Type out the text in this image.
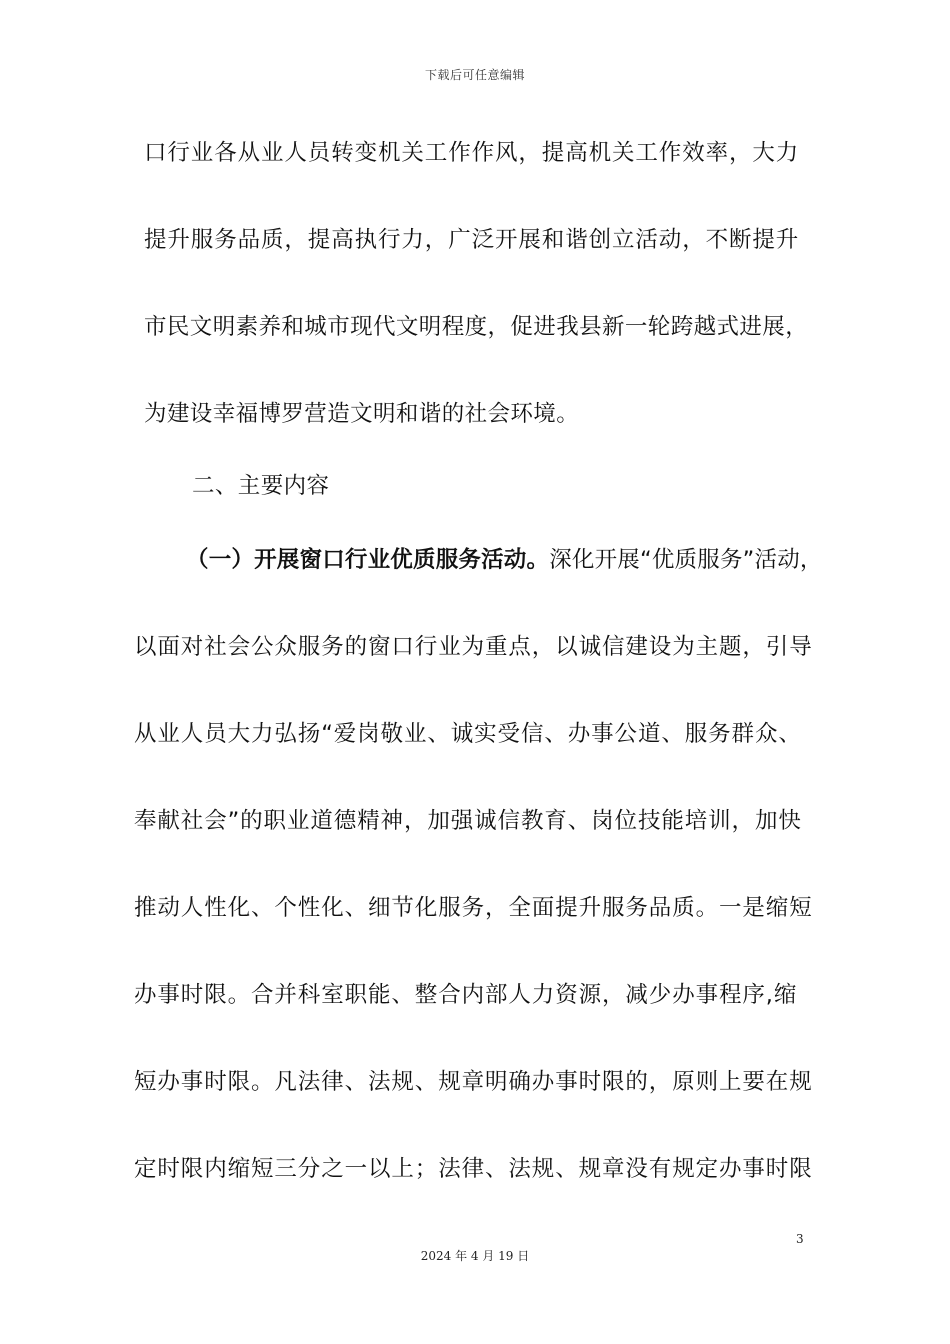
下载后可任意编辑
口行业各从业人员转变机关工作作风，提高机关工作效率，大力
提升服务品质，提高执行力，广泛开展和谐创立活动，不断提升
市民文明素养和城市现代文明程度，促进我县新一轮跨越式进展，
为建设幸福博罗营造文明和谐的社会环境。
二、主要内容
（一）开展窗口行业优质服务活动。深化开展“优质服务”活动，
以面对社会公众服务的窗口行业为重点，以诚信建设为主题，引导
从业人员大力弘扬“爱岗敬业、诚实受信、办事公道、服务群众、
奉献社会”的职业道德精神，加强诚信教育、岗位技能培训，加快
推动人性化、个性化、细节化服务，全面提升服务品质。一是缩短
办事时限。合并科室职能、整合内部人力资源，减少办事程序,缩
短办事时限。凡法律、法规、规章明确办事时限的，原则上要在规
定时限内缩短三分之一以上；法律、法规、规章没有规定办事时限
3
2024 年 4 月 19 日
